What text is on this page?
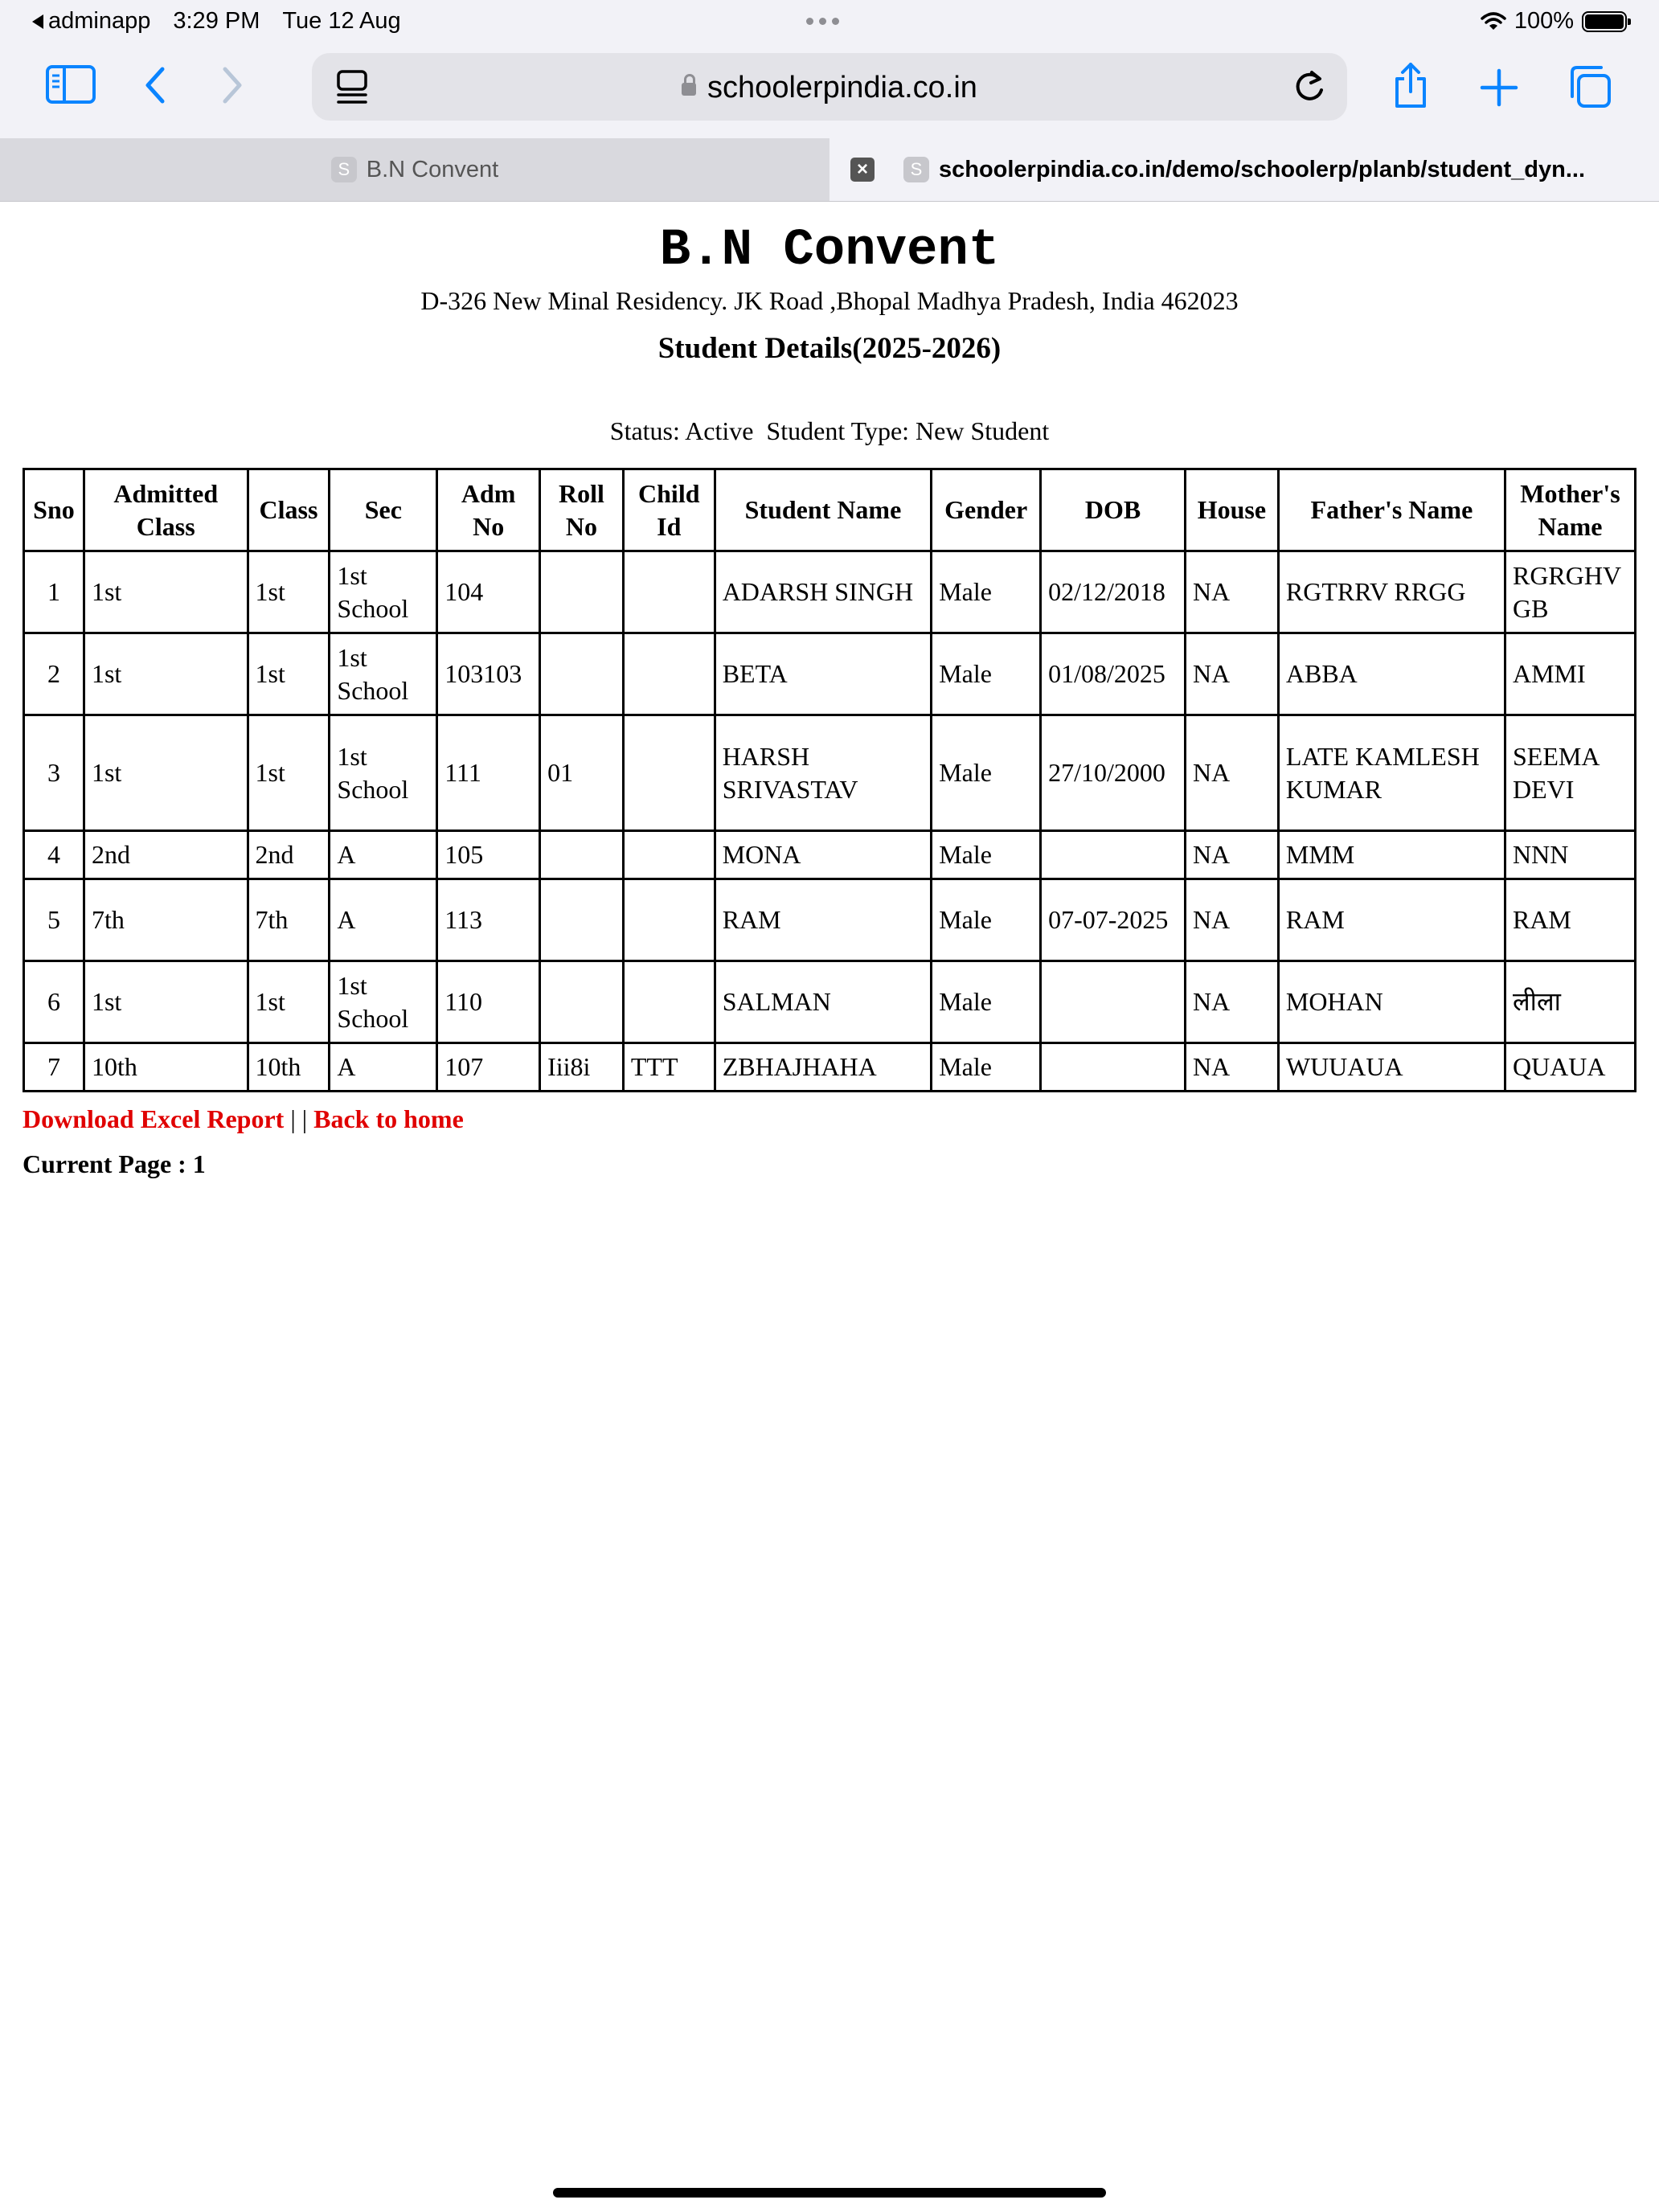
adminapp 3:29 PM Tue 12 Aug	100%
schoolerpindia.co.in
S B.N Convent	×	S schoolerpindia.co.in/demo/schoolerp/planb/student_dyn...
B.N Convent
D-326 New Minal Residency. JK Road ,Bhopal Madhya Pradesh, India 462023
Student Details(2025-2026)
Status: Active  Student Type: New Student
Sno	Admitted Class	Class	Sec	Adm No	Roll No	Child Id	Student Name	Gender	DOB	House	Father's Name	Mother's Name
1	1st	1st	1st School	104			ADARSH SINGH	Male	02/12/2018	NA	RGTRRV RRGG	RGRGHV GB
2	1st	1st	1st School	103103			BETA	Male	01/08/2025	NA	ABBA	AMMI
3	1st	1st	1st School	111	01		HARSH SRIVASTAV	Male	27/10/2000	NA	LATE KAMLESH KUMAR	SEEMA DEVI
4	2nd	2nd	A	105			MONA	Male		NA	MMM	NNN
5	7th	7th	A	113			RAM	Male	07-07-2025	NA	RAM	RAM
6	1st	1st	1st School	110			SALMAN	Male		NA	MOHAN	लीला
7	10th	10th	A	107	Iii8i	TTT	ZBHAJHAHA	Male		NA	WUUAUA	QUAUA
Download Excel Report | | Back to home
Current Page : 1
